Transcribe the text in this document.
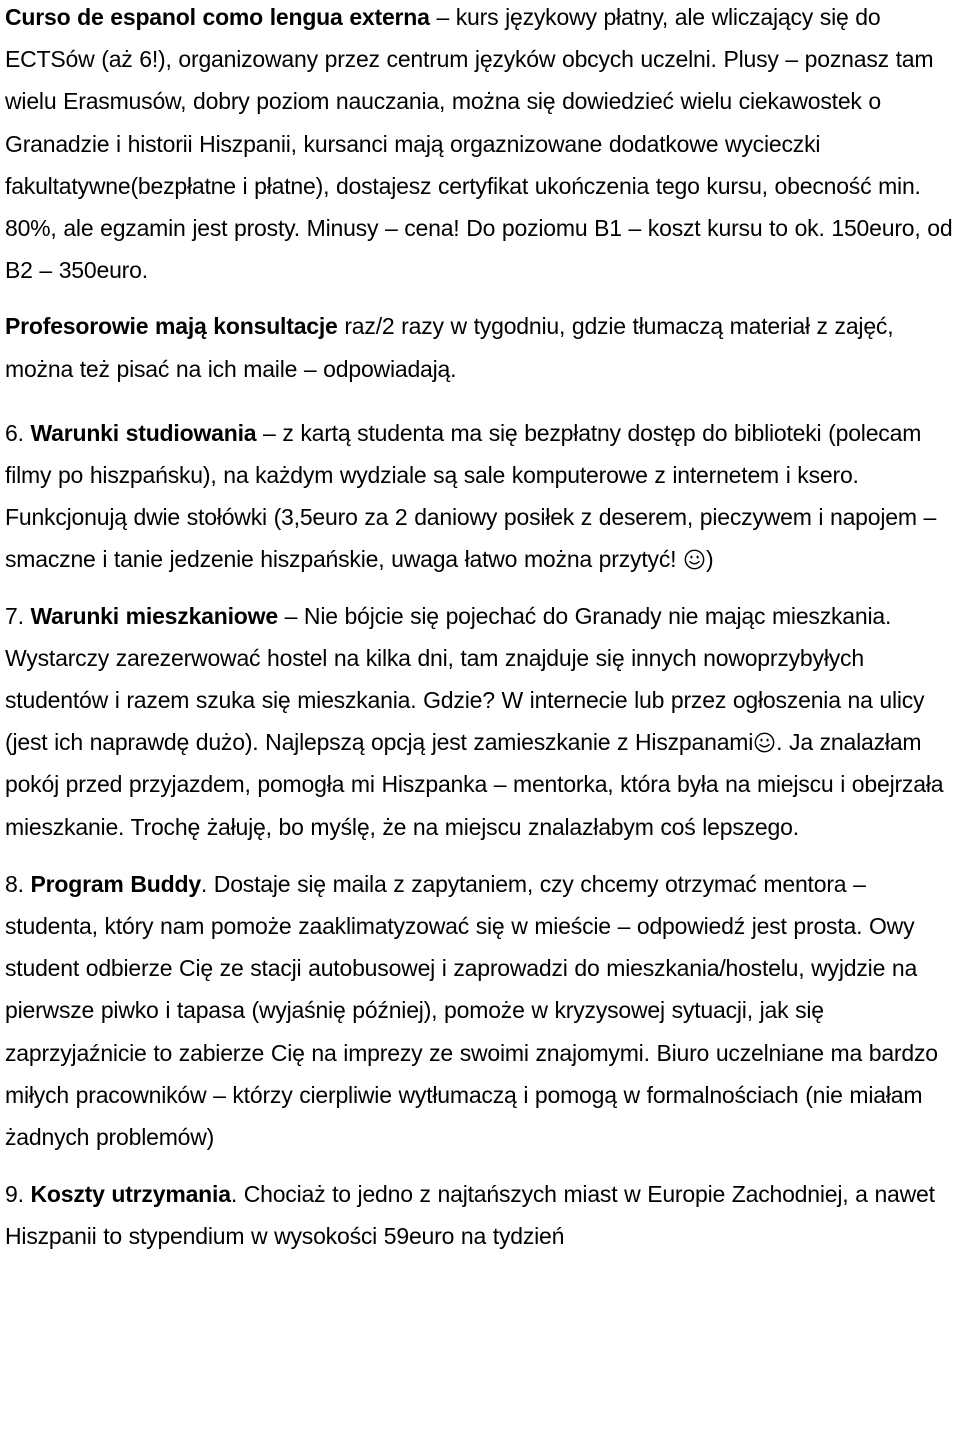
Curso de espanol como lengua externa – kurs językowy płatny, ale wliczający się do ECTSów (aż 6!), organizowany przez centrum języków obcych uczelni. Plusy – poznasz tam wielu Erasmusów, dobry poziom nauczania, można się dowiedzieć wielu ciekawostek o Granadzie i historii Hiszpanii, kursanci mają orgaznizowane dodatkowe wycieczki fakultatywne(bezpłatne i płatne), dostajesz certyfikat ukończenia tego kursu, obecność min. 80%, ale egzamin jest prosty. Minusy – cena! Do poziomu B1 – koszt kursu to ok. 150euro, od B2 – 350euro.

Profesorowie mają konsultacje raz/2 razy w tygodniu, gdzie tłumaczą materiał z zajęć, można też pisać na ich maile – odpowiadają.

6. Warunki studiowania – z kartą studenta ma się bezpłatny dostęp do biblioteki (polecam filmy po hiszpańsku), na każdym wydziale są sale komputerowe z internetem i ksero. Funkcjonują dwie stołówki (3,5euro za 2 daniowy posiłek z deserem, pieczywem i napojem – smaczne i tanie jedzenie hiszpańskie, uwaga łatwo można przytyć! )

7. Warunki mieszkaniowe – Nie bójcie się pojechać do Granady nie mając mieszkania. Wystarczy zarezerwować hostel na kilka dni, tam znajduje się innych nowoprzybyłych studentów i razem szuka się mieszkania. Gdzie? W internecie lub przez ogłoszenia na ulicy (jest ich naprawdę dużo). Najlepszą opcją jest zamieszkanie z Hiszpanami . Ja znalazłam pokój przed przyjazdem, pomogła mi Hiszpanka – mentorka, która była na miejscu i obejrzała mieszkanie. Trochę żałuję, bo myślę, że na miejscu znalazłabym coś lepszego.

8. Program Buddy. Dostaje się maila z zapytaniem, czy chcemy otrzymać mentora – studenta, który nam pomoże zaaklimatyzować się w mieście – odpowiedź jest prosta. Owy student odbierze Cię ze stacji autobusowej i zaprowadzi do mieszkania/hostelu, wyjdzie na pierwsze piwko i tapasa (wyjaśnię później), pomoże w kryzysowej sytuacji, jak się zaprzyjaźnicie to zabierze Cię na imprezy ze swoimi znajomymi. Biuro uczelniane ma bardzo miłych pracowników – którzy cierpliwie wytłumaczą i pomogą w formalnościach (nie miałam żadnych problemów)

9. Koszty utrzymania. Chociaż to jedno z najtańszych miast w Europie Zachodniej, a nawet Hiszpanii to stypendium w wysokości 59euro na tydzień
